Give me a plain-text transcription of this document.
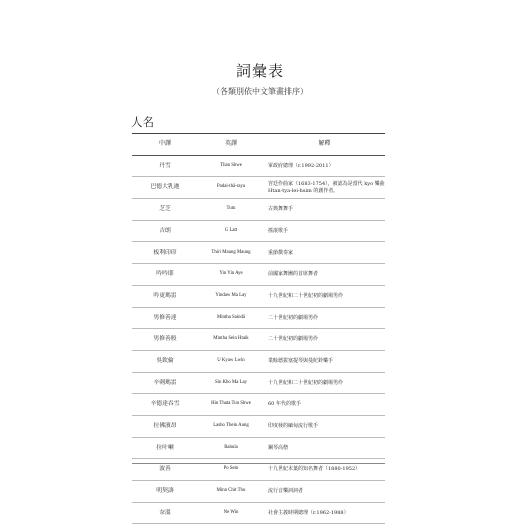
詞彙表
（各類別依中文筆畫排序）
人名
中譯	英譯	解釋
丹雪	Than Shwe	軍政府總理（r.1992-2011）
巴德大乳迦	Padai-thâ-raya	宮廷作曲家（1683-1754），被認為是當代 kyo 樂曲 Htan-tya-lei-hsim 的創作者。
芝芝	Tutu	古典舞舞手
吉朗	G Latt	搖滾歌手
板利印印	Thiri Maung Maung	重節撰奏家
吟吟耶	Yin Yin Aye	前國家舞團的首席舞者
吟更瑪雷	Yindaw Ma Lay	十九世紀和二十世紀初的劇場男伶
男修善達	Mintha Saindâ	二十世紀初的劇場男伶
男修善般	Mintha Sein Htaik	二十世紀初的劇場男伶
吳欽倫	U Kyaw Lwin	業餘德拔塞提琴與曼陀鈴樂手
辛剌瑪雷	Sin Kho Ma Lay	十九世紀和二十世紀初的劇場男伶
辛德達吞雪	Hin Thata Tun Shwe	60 年代的歌手
拉佛濱昂	Lasho Thein Aung	印度發的緬甸流行歌手
拉叶喇	Rahula	鋼琴高僧
波善	Po Sein	十九世紀末葉的知名舞者（1880-1952）
明契濤	Minn Chit Thu	流行音樂詞詞者
奈溫	Ne Win	社會主義時期總理（r.1962-1988）
